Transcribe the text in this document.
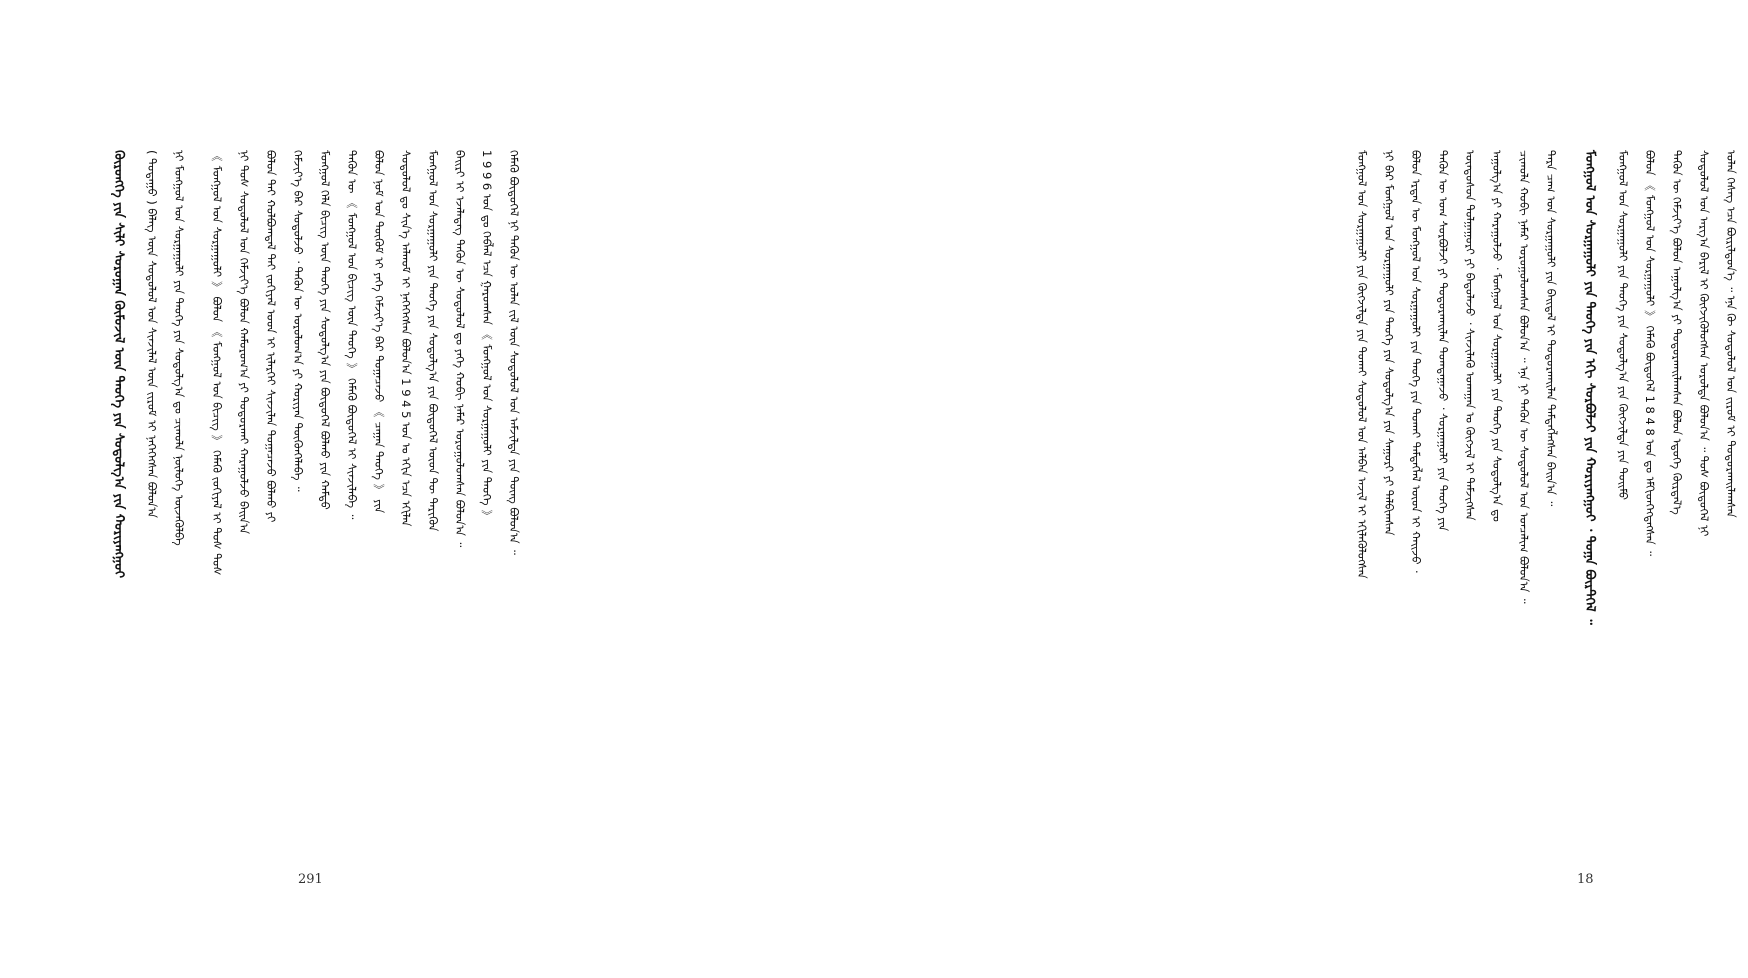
ᠬᠥᠷᠦᠩᠭᠡ ᠶᠢᠨ ᠰᠢᠯᠢ ᠰᠤᠷᠤᠭᠠᠨ ᠬᠦᠮᠦᠵᠢᠯ ᠦᠨ ᠲᠡᠦᠬᠡ ᠶᠢᠨ ᠰᠤᠳᠤᠯᠭ᠎ᠠ ᠶᠢᠨ ᠬᠣᠷᠢᠶᠠᠩᠭᠤᠢ ( ᠳᠤᠲᠠᠭᠤ ) ᠪᠡᠯᠡᠭ ᠦᠨ ᠰᠤᠳᠤᠯᠤᠯ ᠤᠨ ᠰᠢᠨᠵᠢᠯᠡᠯ ᠦᠨ ᠵᠢᠷᠤᠮ ᠢ ᠨᠡᠭᠡᠭᠡᠭᠰᠡᠨ ᠪᠣᠯᠤᠨ᠎ᠠ ᠨᠢ ᠮᠣᠩᠭᠣᠯ ᠤᠨ ᠰᠤᠷᠭᠠᠭᠤᠯᠢ ᠶᠢᠨ ᠲᠡᠦᠬᠡ ᠶᠢᠨ ᠰᠤᠳᠤᠯᠭ᠎ᠠ ᠳᠤ ᠴᠢᠬᠤᠯᠠ ᠨᠥᠯᠥᠭᠡ ᠦᠵᠡᠭᠦᠯᠪᠡ 《 ᠮᠣᠩᠭᠣᠯ ᠤᠨ ᠰᠤᠷᠭᠠᠭᠤᠯᠢ 》 ᠪᠣᠯᠤᠨ 《 ᠮᠣᠩᠭᠣᠯ ᠤᠨ ᠪᠢᠴᠢᠭ 》 ᠬᠡᠮᠡᠬᠦ ᠵᠣᠬᠢᠶᠠᠯ ᠢ ᠲᠤᠰ ᠲᠤᠰ ᠨᠢ ᠲᠤᠰ ᠰᠤᠳᠤᠯᠤᠯ ᠤᠨ ᠬᠡᠮᠵᠢᠶ᠎ᠡ ᠪᠣᠯᠤᠨ ᠬᠠᠮᠤᠷᠤᠭ᠎ᠠ ᠶᠢ ᠲᠣᠳᠤᠷᠬᠠᠢ ᠬᠠᠷᠠᠭᠤᠯᠵᠤ ᠪᠠᠢᠨ᠎ᠠ ᠪᠣᠯᠤᠨ ᠲᠠᠢ ᠬᠣᠯᠪᠣᠭᠳᠠᠯ ᠲᠠᠢ ᠵᠣᠬᠢᠶᠠᠯ ᠤᠳ ᠢ ᠢᠯᠡᠷᠬᠡᠢ ᠰᠢᠨᠵᠢᠯᠡᠨ ᠲᠣᠭᠠᠴᠠᠵᠤ ᠪᠣᠯᠬᠤ ᠶᠢ ᠬᠡᠮᠵᠢᠶ᠎ᠡ ᠪᠡᠷ ᠰᠤᠳᠤᠯᠵᠤ ᠂ ᠲᠡᠭᠦᠨ ᠦ ᠤᠷᠤᠯᠤᠭ᠎ᠠ ᠶᠢ ᠬᠤᠷᠢᠶᠠᠨ ᠳᠦᠭᠦᠨᠭᠡᠯᠡᠪᠡ ᠃ ᠮᠣᠩᠭᠣᠯ ᠬᠡᠯᠡ ᠪᠢᠴᠢᠭ ᠦᠨ ᠲᠡᠦᠬᠡ ᠶᠢᠨ ᠰᠤᠳᠤᠯᠭ᠎ᠠ ᠶᠢᠨ ᠪᠦᠲᠦᠭᠡᠯ ᠪᠣᠯᠬᠤ ᠶᠢᠨ ᠬᠠᠮᠲᠤ ᠲᠡᠭᠦᠨ ᠦ 《 ᠮᠣᠩᠭᠣᠯ ᠤᠨ ᠪᠢᠴᠢᠭ ᠦᠨ ᠲᠡᠦᠬᠡ 》 ᠬᠡᠮᠡᠬᠦ ᠪᠦᠲᠦᠭᠡᠯ ᠢ ᠰᠢᠨᠵᠢᠯᠡᠪᠡ ᠃ ᠪᠣᠯᠤᠨ ᠨᠣᠮ ᠤᠨ ᠲᠦᠬᠦᠮ ᠢ ᠶᠡᠬᠡ ᠬᠡᠮᠵᠢᠶ᠎ᠡ ᠪᠡᠷ ᠲᠣᠭᠠᠴᠠᠵᠤ 《 ᠴᠠᠭᠠᠨ ᠲᠡᠦᠬᠡ 》 ᠶᠢᠨ ᠰᠤᠳᠤᠯᠤᠯ ᠳᠤ ᠰᠢᠨ᠎ᠡ ᠠᠯᠬᠤᠮ ᠢ ᠨᠡᠭᠡᠭᠡᠭᠰᠡᠨ ᠪᠣᠯᠤᠨ᠎ᠠ 1 9 4 5 ᠣᠨ ᠤ ᠡᠬᠢᠨ ᠡᠴᠡ ᠡᠬᠢᠯᠡᠨ ᠮᠣᠩᠭᠣᠯ ᠤᠨ ᠰᠤᠷᠭᠠᠭᠤᠯᠢ ᠶᠢᠨ ᠲᠡᠦᠬᠡ ᠶᠢᠨ ᠰᠤᠳᠤᠯᠭ᠎ᠠ ᠶᠢᠨ ᠪᠦᠲᠦᠭᠡᠯ ᠦᠳ ᠲᠦ ᠲᠡᠷᠢᠭᠦᠨ ᠪᠠᠢᠷᠢ ᠢ ᠡᠵᠡᠯᠡᠳᠡᠭ ᠲᠡᠭᠦᠨ ᠦ ᠰᠤᠳᠤᠯᠤᠯ ᠳᠤ ᠶᠡᠬᠡ ᠬᠤᠪᠢ ᠨᠡᠮᠡᠷ ᠣᠷᠤᠭᠤᠯᠤᠭᠰᠠᠨ ᠪᠣᠯᠤᠨ᠎ᠠ ᠃ 1 9 9 6 ᠣᠨ ᠳᠤ ᠬᠡᠪᠯᠡᠯ ᠡᠴᠡ ᠭᠠᠷᠤᠭᠰᠠᠨ 《 ᠮᠣᠩᠭᠣᠯ ᠤᠨ ᠰᠤᠷᠭᠠᠭᠤᠯᠢ ᠶᠢᠨ ᠲᠡᠦᠬᠡ 》 ᠬᠡᠮᠡᠬᠦ ᠪᠦᠲᠦᠭᠡᠯ ᠨᠢ ᠲᠡᠭᠦᠨ ᠦ ᠣᠯᠠᠨ ᠵᠢᠯ ᠦᠨ ᠰᠤᠳᠤᠯᠤᠯ ᠤᠨ ᠠᠮᠵᠢᠯᠲᠠ ᠶᠢᠨ ᠳᠦᠩ ᠪᠣᠯᠤᠨ᠎ᠠ ᠃
291
ᠮᠣᠩᠭᠣᠯ ᠤᠨ ᠰᠤᠷᠭᠠᠭᠤᠯᠢ ᠶᠢᠨ ᠬᠥᠭᠵᠢᠯᠲᠡ ᠶᠢᠨ ᠲᠤᠬᠠᠢ ᠰᠤᠳᠤᠯᠤᠯ ᠤᠨ ᠠᠯᠪᠠᠨ ᠠᠵᠢᠯ ᠢ ᠡᠬᠢᠯᠡᠭᠦᠯᠦᠭᠰᠡᠨ ᠨᠢ ᠪᠡᠷ ᠮᠣᠩᠭᠣᠯ ᠤᠨ ᠰᠤᠷᠭᠠᠭᠤᠯᠢ ᠶᠢᠨ ᠲᠡᠦᠬᠡ ᠶᠢᠨ ᠰᠤᠳᠤᠯᠭ᠎ᠠ ᠶᠢᠨ ᠰᠠᠭᠤᠷᠢ ᠶᠢ ᠲᠠᠯᠪᠢᠭᠰᠠᠨ ᠪᠣᠯᠤᠨ ᠡᠷᠲᠡᠨ ᠦ ᠮᠣᠩᠭᠣᠯ ᠤᠨ ᠰᠤᠷᠭᠠᠭᠤᠯᠢ ᠶᠢᠨ ᠲᠡᠦᠬᠡ ᠶᠢᠨ ᠲᠤᠬᠠᠢ ᠲᠡᠮᠳᠡᠭᠯᠡᠯ ᠦᠳ ᠢ ᠬᠠᠢᠵᠤ ᠂ ᠲᠡᠭᠦᠨ ᠦ ᠤᠭ ᠰᠤᠷᠪᠤᠯᠵᠢ ᠶᠢ ᠲᠣᠳᠤᠷᠬᠠᠢᠯᠠᠨ ᠲᠣᠭᠳᠠᠭᠠᠵᠤ ᠂ ᠰᠤᠷᠭᠠᠭᠤᠯᠢ ᠶᠢᠨ ᠲᠡᠦᠬᠡ ᠶᠢᠨ ᠦᠨᠳᠦᠰᠦᠨ ᠲᠤᠯᠭᠠᠭᠤᠷᠢ ᠶᠢ ᠪᠠᠲᠤᠯᠠᠵᠤ ᠂ ᠰᠢᠨᠵᠢᠯᠡᠬᠦ ᠤᠬᠠᠭᠠᠨ ᠤ ᠬᠥᠭᠵᠢᠯ ᠢ ᠳᠡᠮᠵᠢᠭᠰᠡᠨ ᠠᠭᠤᠯᠭ᠎ᠠ ᠶᠢ ᠬᠠᠷᠠᠭᠤᠯᠵᠤ ᠂ ᠮᠣᠩᠭᠣᠯ ᠤᠨ ᠰᠤᠷᠭᠠᠭᠤᠯᠢ ᠶᠢᠨ ᠲᠡᠦᠬᠡ ᠶᠢᠨ ᠰᠤᠳᠤᠯᠭ᠎ᠠ ᠳᠤ ᠴᠢᠬᠤᠯᠠ ᠬᠤᠪᠢ ᠨᠡᠮᠡᠷ ᠣᠷᠤᠭᠤᠯᠤᠭᠰᠠᠨ ᠪᠣᠯᠤᠨ᠎ᠠ ᠃ ᠡᠨᠡ ᠨᠢ ᠲᠡᠭᠦᠨ ᠦ ᠰᠤᠳᠤᠯᠤᠯ ᠤᠨ ᠣᠨᠴᠠᠯᠢᠭ ᠪᠣᠯᠤᠨ᠎ᠠ ᠃ ᠲᠡᠷᠡ ᠴᠠᠭ ᠤᠨ ᠰᠤᠷᠭᠠᠭᠤᠯᠢ ᠶᠢᠨ ᠪᠠᠢᠳᠠᠯ ᠢ ᠲᠣᠳᠤᠷᠬᠠᠢᠯᠠᠨ ᠲᠡᠮᠳᠡᠭᠯᠡᠭᠰᠡᠨ ᠪᠠᠢᠨ᠎ᠠ ᠃ ᠮᠣᠩᠭᠣᠯ ᠤᠨ ᠰᠤᠷᠭᠠᠭᠤᠯᠢ ᠶᠢᠨ ᠲᠡᠦᠬᠡ ᠶᠢᠨ ᠡᠬᠢ ᠰᠤᠷᠪᠤᠯᠵᠢ ᠶᠢᠨ ᠬᠤᠷᠢᠶᠠᠩᠭᠤᠢ ᠂ ᠲᠣᠭᠠ ᠪᠦᠷᠲᠭᠡᠯ ᠃ ᠮᠣᠩᠭᠣᠯ ᠤᠨ ᠰᠤᠷᠭᠠᠭᠤᠯᠢ ᠶᠢᠨ ᠲᠡᠦᠬᠡ ᠶᠢᠨ ᠰᠤᠳᠤᠯᠭ᠎ᠠ ᠶᠢᠨ ᠬᠥᠭᠵᠢᠯᠲᠡ ᠶᠢᠨ ᠲᠣᠢᠮᠣ ᠪᠣᠯᠤᠨ 《 ᠮᠣᠩᠭᠣᠯ ᠤᠨ ᠰᠤᠷᠭᠠᠭᠤᠯᠢ 》 ᠬᠡᠮᠡᠬᠦ ᠪᠦᠲᠦᠭᠡᠯ 1 8 4 8 ᠣᠨ ᠳᠤ ᠡᠮᠬᠢᠳᠬᠡᠭᠳᠡᠭᠰᠡᠨ ᠃ ᠲᠡᠭᠦᠨ ᠦ ᠬᠡᠮᠵᠢᠶ᠎ᠡ ᠪᠣᠯᠤᠨ ᠠᠭᠤᠯᠭ᠎ᠠ ᠶᠢ ᠲᠣᠳᠤᠷᠬᠠᠢᠯᠠᠭᠰᠠᠨ ᠪᠣᠯᠤᠨ ᠡᠳᠦᠭᠡ ᠬᠦᠷᠲᠡᠯ᠎ᠡ ᠰᠤᠳᠤᠯᠤᠯ ᠤᠨ ᠠᠷᠭ᠎ᠠ ᠪᠠᠷᠢᠯ ᠢ ᠬᠥᠭᠵᠢᠭᠦᠯᠦᠭᠰᠡᠨ ᠣᠷᠤᠯᠲᠠ ᠪᠣᠯᠤᠨ᠎ᠠ ᠃ ᠲᠤᠰ ᠪᠦᠲᠦᠭᠡᠯ ᠨᠢ ᠣᠯᠠᠨ ᠬᠡᠰᠡᠭ ᠡᠴᠡ ᠪᠦᠷᠢᠯᠳᠦᠨ᠎ᠡ ᠃ ᠡᠨᠡ ᠬᠦ ᠰᠤᠳᠤᠯᠤᠯ ᠤᠨ ᠵᠢᠷᠤᠮ ᠢ ᠲᠣᠳᠤᠷᠬᠠᠢᠯᠠᠭᠰᠠᠨ
18
